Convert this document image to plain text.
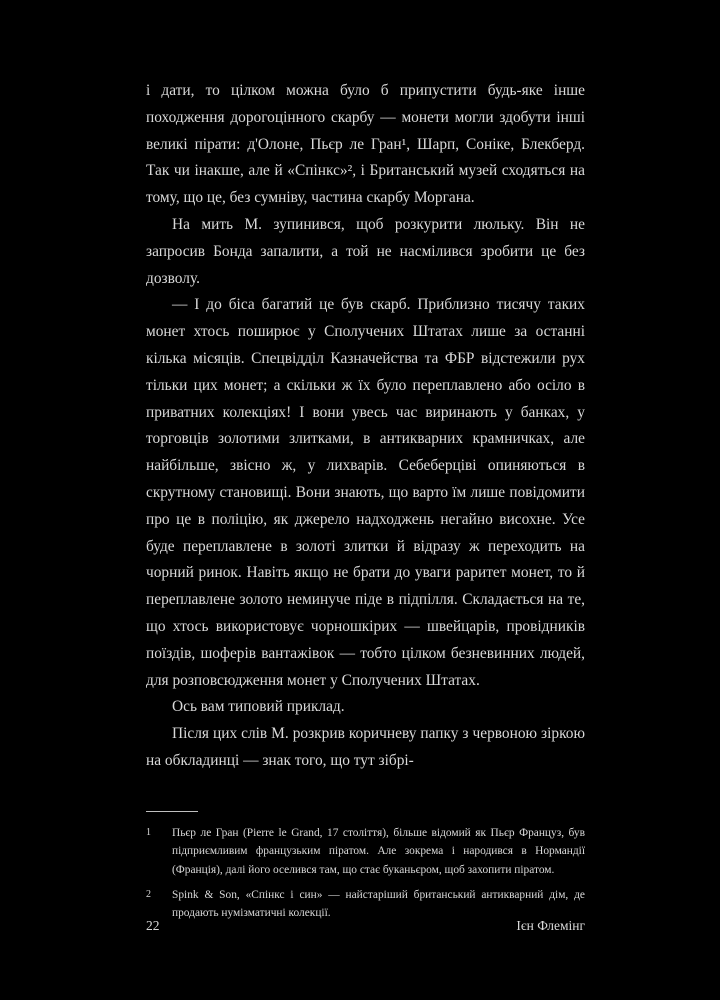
і дати, то цілком можна було б припустити будь-яке інше походження дорогоцінного скарбу — монети могли здобути інші великі пірати: д'Олоне, Пьєр ле Гран¹, Шарп, Соніке, Блекберд. Так чи інакше, але й «Спінкс»², і Британський музей сходяться на тому, що це, без сумніву, частина скарбу Моргана.

На мить М. зупинився, щоб розкурити люльку. Він не запросив Бонда запалити, а той не насмілився зробити це без дозволу.

— І до біса багатий це був скарб. Приблизно тисячу таких монет хтось поширює у Сполучених Штатах лише за останні кілька місяців. Спецвідділ Казначейства та ФБР відстежили рух тільки цих монет; а скільки ж їх було переплавлено або осіло в приватних колекціях! І вони увесь час виринають у банках, у торговців золотими злитками, в антикварних крамничках, але найбільше, звісно ж, у лихварів. Себеберціві опиняються в скрутному становищі. Вони знають, що варто їм лише повідомити про це в поліцію, як джерело надходжень негайно висохне. Усе буде переплавлене в золоті злитки й відразу ж переходить на чорний ринок. Навіть якщо не брати до уваги раритет монет, то й переплавлене золото неминуче піде в підпілля. Складається на те, що хтось використовує чорношкірих — швейцарів, провідників поїздів, шоферів вантажівок — тобто цілком безневинних людей, для розповсюдження монет у Сполучених Штатах.

Ось вам типовий приклад.

Після цих слів М. розкрив коричневу папку з червоною зіркою на обкладинці — знак того, що тут зібрі-

1	Пьєр ле Гран (Pierre le Grand, 17 століття), більше відомий як Пьєр Француз, був підприємливим французьким піратом. Але зокрема і народився в Нормандії (Франція), далі його оселився там, що стає буканьєром, щоб захопити піратом.
2	Spink & Son, «Спінкс і син» — найстаріший британський антикварний дім, де продають нумізматичні колекції.
22	Ієн Флемінг
